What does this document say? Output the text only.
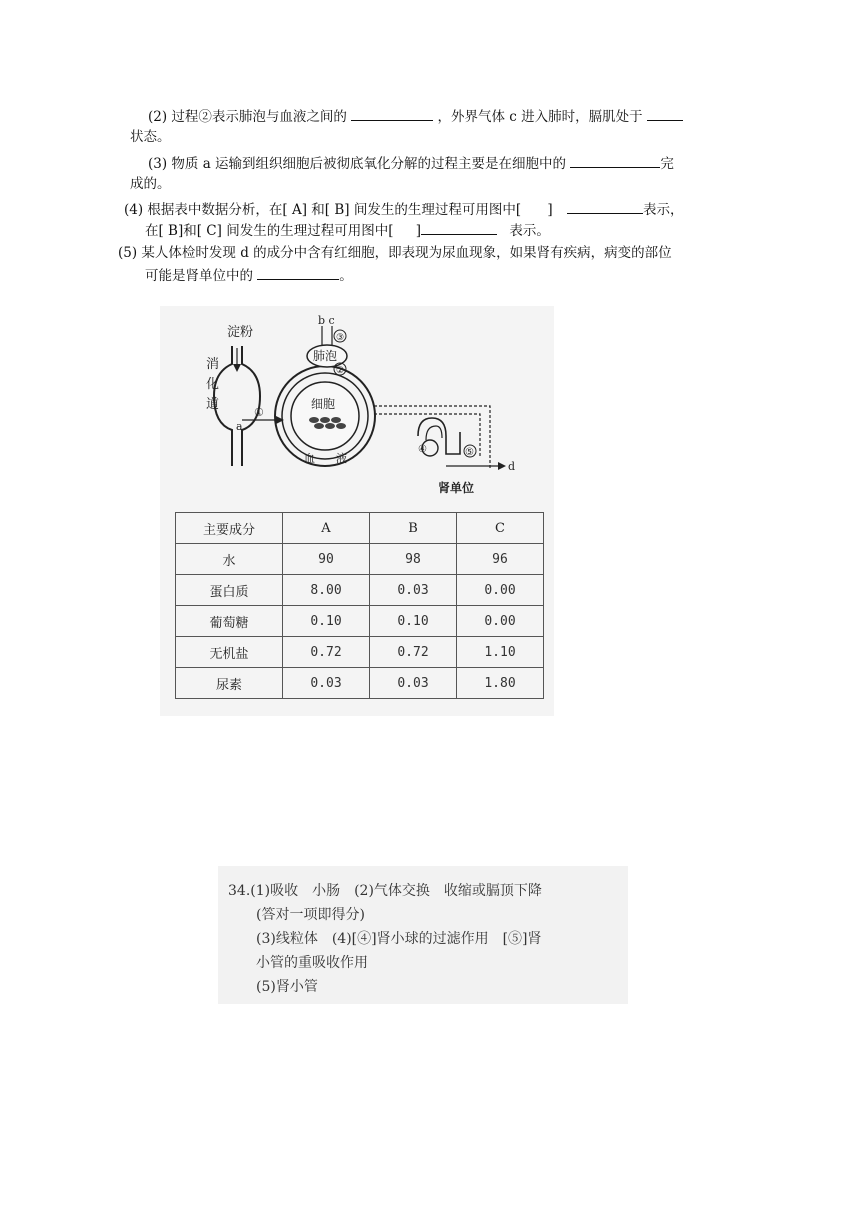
(2) 过程②表示肺泡与血液之间的	，外界气体 c 进入肺时，膈肌处于
状态。
(3) 物质 a 运输到组织细胞后被彻底氧化分解的过程主要是在细胞中的	完
成的。
(4) 根据表中数据分析，在[ A] 和[ B] 间发生的生理过程可用图中[ ]	表示，
在[ B]和[ C] 间发生的生理过程可用图中[ ]	表示。
(5) 某人体检时发现 d 的成分中含有红细胞，即表现为尿血现象，如果肾有疾病，病变的部位
可能是肾单位中的	。
淀粉
消
化
道
a
①
细胞
血 液
b c
③
肺泡
②
④	⑤
d
肾单位
主要成分	A	B	C
水	90	98	96
蛋白质	8.00	0.03	0.00
葡萄糖	0.10	0.10	0.00
无机盐	0.72	0.72	1.10
尿素	0.03	0.03	1.80
34.(1)吸收　小肠　(2)气体交换　收缩或膈顶下降
(答对一项即得分)
(3)线粒体　(4)[④]肾小球的过滤作用　[⑤]肾
小管的重吸收作用
(5)肾小管
